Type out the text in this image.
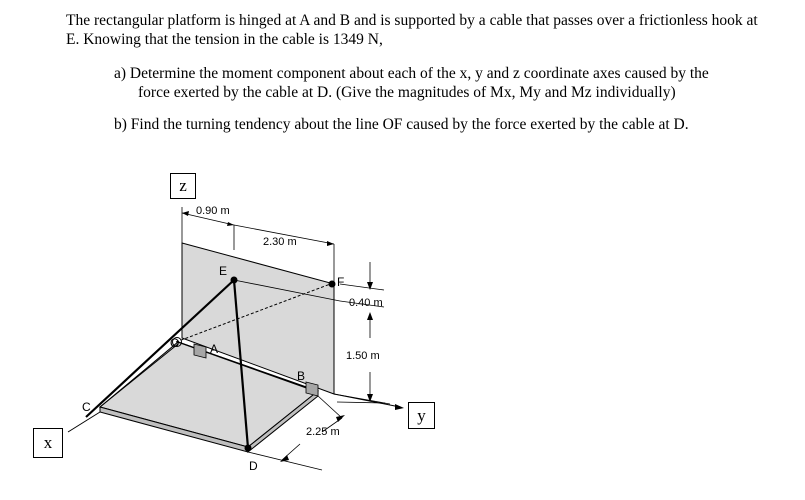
The rectangular platform is hinged at A and B and is supported by a cable that passes over a frictionless hook at E. Knowing that the tension in the cable is 1349 N,
a) Determine the moment component about each of the x, y and z coordinate axes caused by the
force exerted by the cable at D. (Give the magnitudes of Mx, My and Mz individually)
b) Find the turning tendency about the line OF caused by the force exerted by the cable at D.
E
F
O	A
B
C
D
0.90 m
2.30 m
0.40 m
1.50 m
2.25 m
z
y
x
